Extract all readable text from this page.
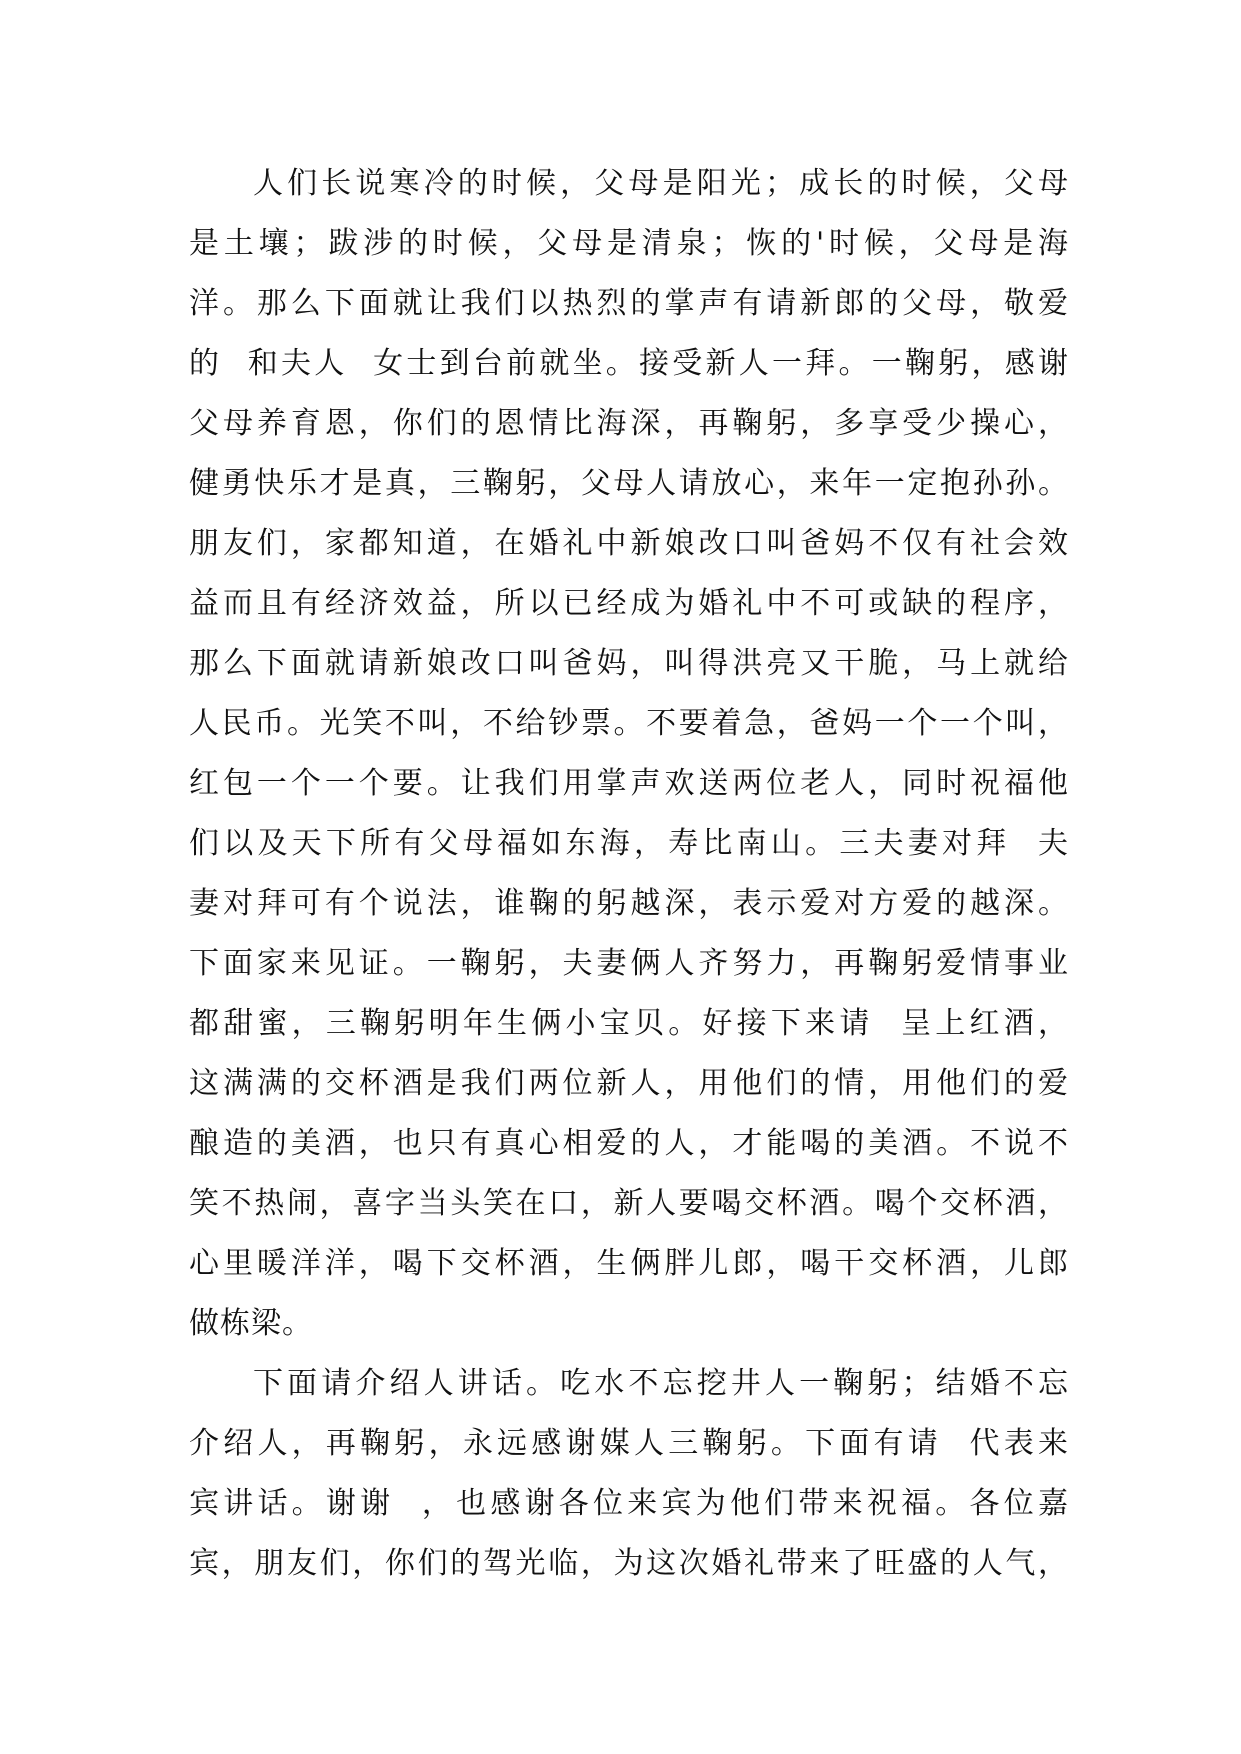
人们长说寒冷的时候，父母是阳光；成长的时候，父母
是土壤；跋涉的时候，父母是清泉；恢的'时候，父母是海
洋。那么下面就让我们以热烈的掌声有请新郎的父母，敬爱
的  和夫人  女士到台前就坐。接受新人一拜。一鞠躬，感谢
父母养育恩，你们的恩情比海深，再鞠躬，多享受少操心，
健勇快乐才是真，三鞠躬，父母人请放心，来年一定抱孙孙。
朋友们，家都知道，在婚礼中新娘改口叫爸妈不仅有社会效
益而且有经济效益，所以已经成为婚礼中不可或缺的程序，
那么下面就请新娘改口叫爸妈，叫得洪亮又干脆，马上就给
人民币。光笑不叫，不给钞票。不要着急，爸妈一个一个叫，
红包一个一个要。让我们用掌声欢送两位老人，同时祝福他
们以及天下所有父母福如东海，寿比南山。三夫妻对拜  夫
妻对拜可有个说法，谁鞠的躬越深，表示爱对方爱的越深。
下面家来见证。一鞠躬，夫妻俩人齐努力，再鞠躬爱情事业
都甜蜜，三鞠躬明年生俩小宝贝。好接下来请  呈上红酒，
这满满的交杯酒是我们两位新人，用他们的情，用他们的爱
酿造的美酒，也只有真心相爱的人，才能喝的美酒。不说不
笑不热闹，喜字当头笑在口，新人要喝交杯酒。喝个交杯酒，
心里暖洋洋，喝下交杯酒，生俩胖儿郎，喝干交杯酒，儿郎
做栋梁。
下面请介绍人讲话。吃水不忘挖井人一鞠躬；结婚不忘
介绍人，再鞠躬，永远感谢媒人三鞠躬。下面有请  代表来
宾讲话。谢谢  ，也感谢各位来宾为他们带来祝福。各位嘉
宾，朋友们，你们的驾光临，为这次婚礼带来了旺盛的人气，
